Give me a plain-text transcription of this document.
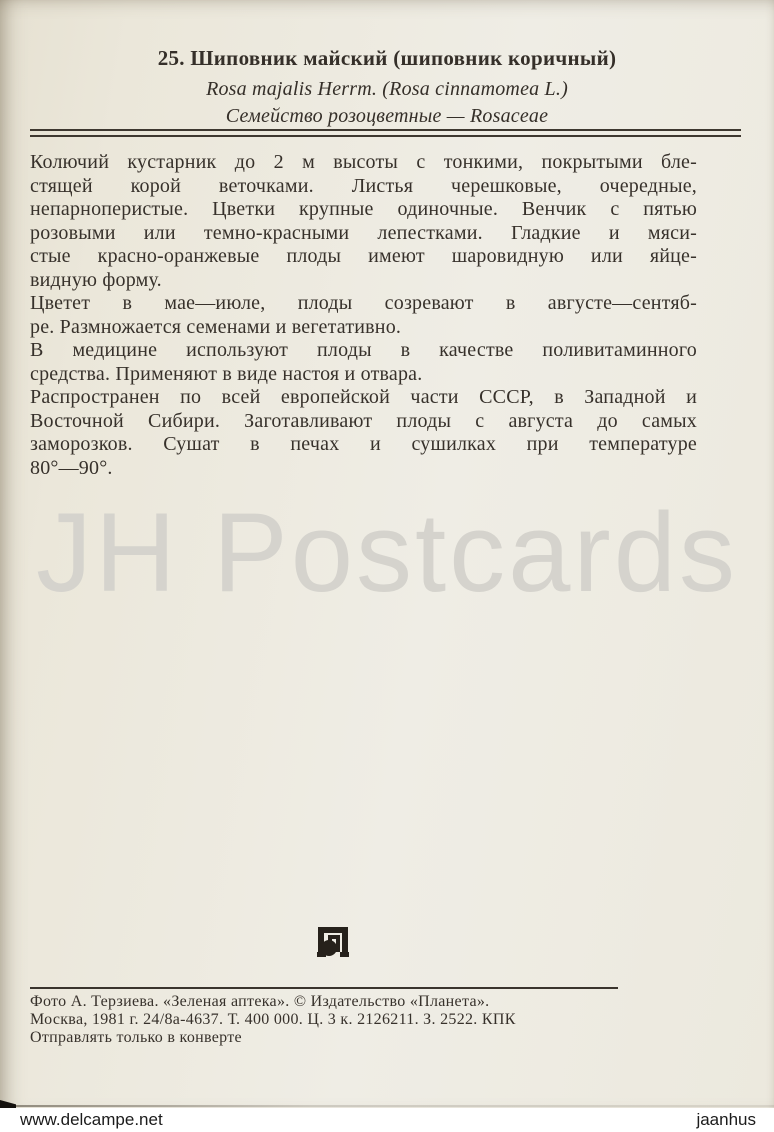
25. Шиповник майский (шиповник коричный)
Rosa majalis Herrm. (Rosa cinnamomea L.)
Семейство розоцветные — Rosaceae
Колючий кустарник до 2 м высоты с тонкими, покрытыми бле-
стящей корой веточками. Листья черешковые, очередные,
непарноперистые. Цветки крупные одиночные. Венчик с пятью
розовыми или темно-красными лепестками. Гладкие и мяси-
стые красно-оранжевые плоды имеют шаровидную или яйце-
видную форму.
Цветет в мае—июле, плоды созревают в августе—сентяб-
ре. Размножается семенами и вегетативно.
В медицине используют плоды в качестве поливитаминного
средства. Применяют в виде настоя и отвара.
Распространен по всей европейской части СССР, в Западной и
Восточной Сибири. Заготавливают плоды с августа до самых
заморозков. Сушат в печах и сушилках при температуре
80°—90°.
JH Postcards
Фото А. Терзиева. «Зеленая аптека». © Издательство «Планета».
Москва, 1981 г. 24/8а-4637. Т. 400 000. Ц. 3 к. 2126211. З. 2522. КПК
Отправлять только в конверте
www.delcampe.net	jaanhus
